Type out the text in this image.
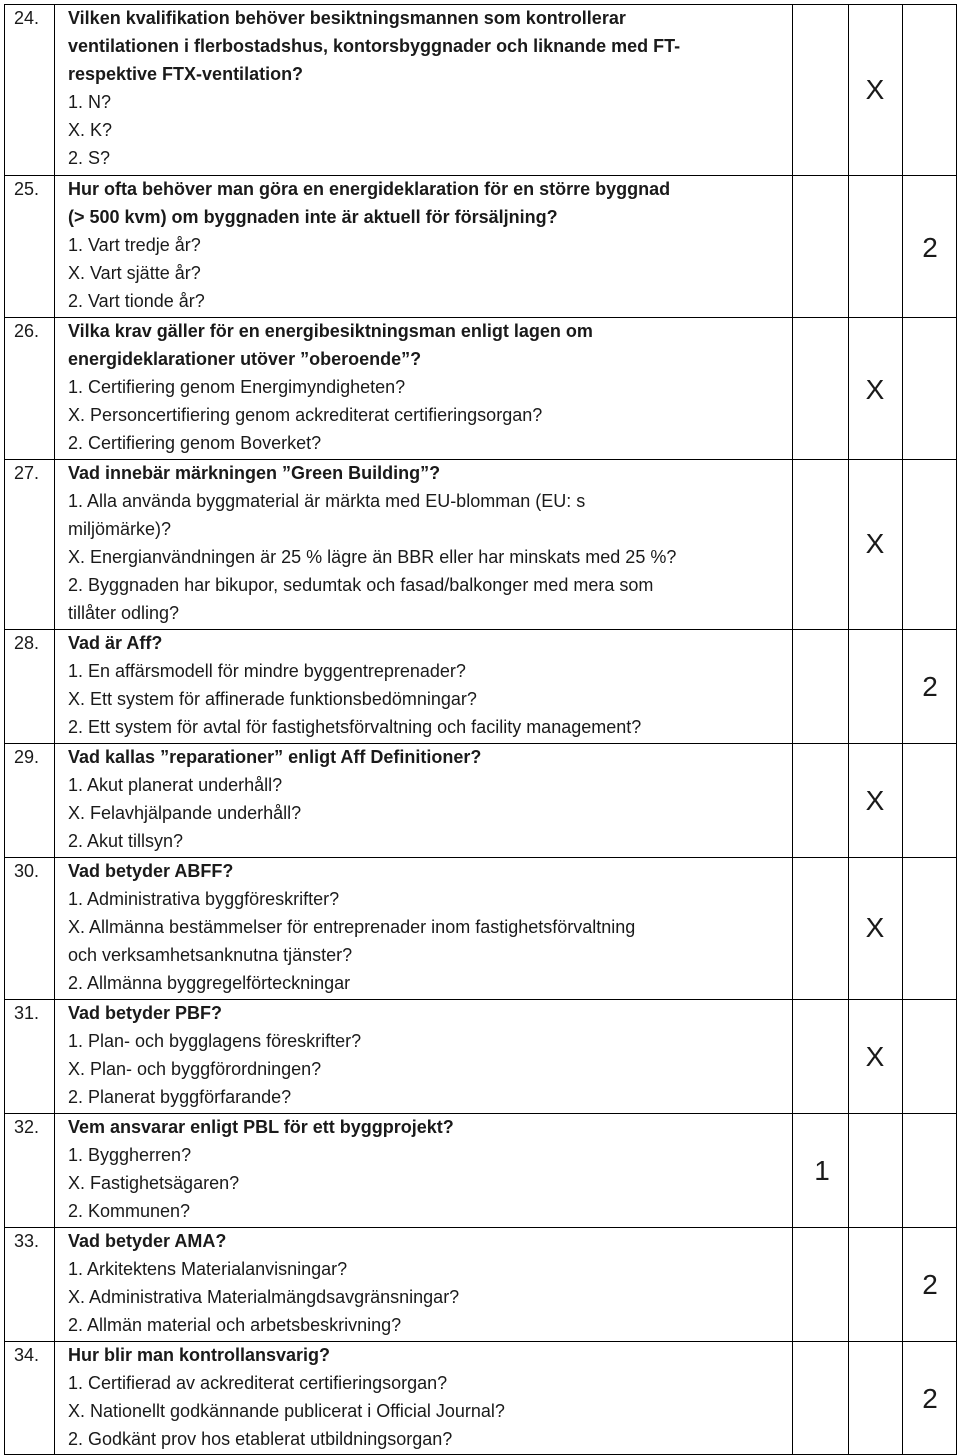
24. Vilken kvalifikation behöver besiktningsmannen som kontrollerar
ventilationen i flerbostadshus, kontorsbyggnader och liknande med FT-
respektive FTX-ventilation?
1. N?
X. K?
2. S?
X
25. Hur ofta behöver man göra en energideklaration för en större byggnad
(> 500 kvm) om byggnaden inte är aktuell för försäljning?
1. Vart tredje år?
X. Vart sjätte år?
2. Vart tionde år?
2
26. Vilka krav gäller för en energibesiktningsman enligt lagen om
energideklarationer utöver ”oberoende”?
1. Certifiering genom Energimyndigheten?
X. Personcertifiering genom ackrediterat certifieringsorgan?
2. Certifiering genom Boverket?
X
27. Vad innebär märkningen ”Green Building”?
1. Alla använda byggmaterial är märkta med EU-blomman (EU: s
miljömärke)?
X. Energianvändningen är 25 % lägre än BBR eller har minskats med 25 %?
2. Byggnaden har bikupor, sedumtak och fasad/balkonger med mera som
tillåter odling?
X
28. Vad är Aff?
1. En affärsmodell för mindre byggentreprenader?
X. Ett system för affinerade funktionsbedömningar?
2. Ett system för avtal för fastighetsförvaltning och facility management?
2
29. Vad kallas ”reparationer” enligt Aff Definitioner?
1. Akut planerat underhåll?
X. Felavhjälpande underhåll?
2. Akut tillsyn?
X
30. Vad betyder ABFF?
1. Administrativa byggföreskrifter?
X. Allmänna bestämmelser för entreprenader inom fastighetsförvaltning
och verksamhetsanknutna tjänster?
2. Allmänna byggregelförteckningar
X
31. Vad betyder PBF?
1. Plan- och bygglagens föreskrifter?
X. Plan- och byggförordningen?
2. Planerat byggförfarande?
X
32. Vem ansvarar enligt PBL för ett byggprojekt?
1. Byggherren?
X. Fastighetsägaren?
2. Kommunen?
1
33. Vad betyder AMA?
1. Arkitektens Materialanvisningar?
X. Administrativa Materialmängdsavgränsningar?
2. Allmän material och arbetsbeskrivning?
2
34. Hur blir man kontrollansvarig?
1. Certifierad av ackrediterat certifieringsorgan?
X. Nationellt godkännande publicerat i Official Journal?
2. Godkänt prov hos etablerat utbildningsorgan?
2
